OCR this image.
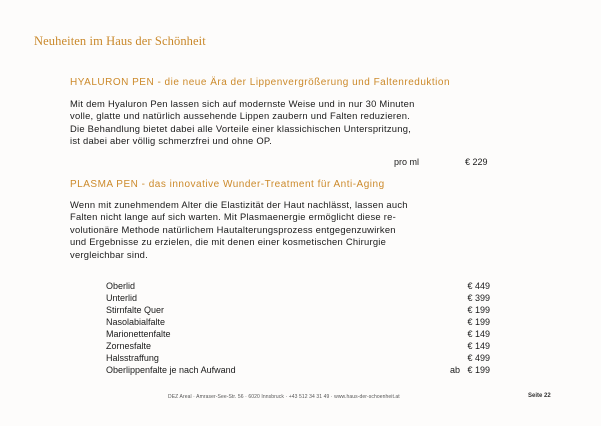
Neuheiten im Haus der Schönheit
HYALURON PEN - die neue Ära der Lippenvergrößerung und Faltenreduktion
Mit dem Hyaluron Pen lassen sich auf modernste Weise und in nur 30 Minuten
volle, glatte und natürlich aussehende Lippen zaubern und Falten reduzieren.
Die Behandlung bietet dabei alle Vorteile einer klassichischen Unterspritzung,
ist dabei aber völlig schmerzfrei und ohne OP.
pro ml	€ 229
PLASMA PEN - das innovative Wunder-Treatment für Anti-Aging
Wenn mit zunehmendem Alter die Elastizität der Haut nachlässt, lassen auch
Falten nicht lange auf sich warten. Mit Plasmaenergie ermöglicht diese re-
volutionäre Methode natürlichem Hautalterungsprozess entgegenzuwirken
und Ergebnisse zu erzielen, die mit denen einer kosmetischen Chirurgie
vergleichbar sind.
Oberlid	€ 449
Unterlid	€ 399
Stirnfalte Quer	€ 199
Nasolabialfalte	€ 199
Marionettenfalte	€ 149
Zornesfalte	€ 149
Halsstraffung	€ 499
Oberlippenfalte je nach Aufwand	ab € 199
DEZ Areal · Amraser-See-Str. 56 · 6020 Innsbruck · +43 512 34 31 49 · www.haus-der-schoenheit.at	Seite 22
